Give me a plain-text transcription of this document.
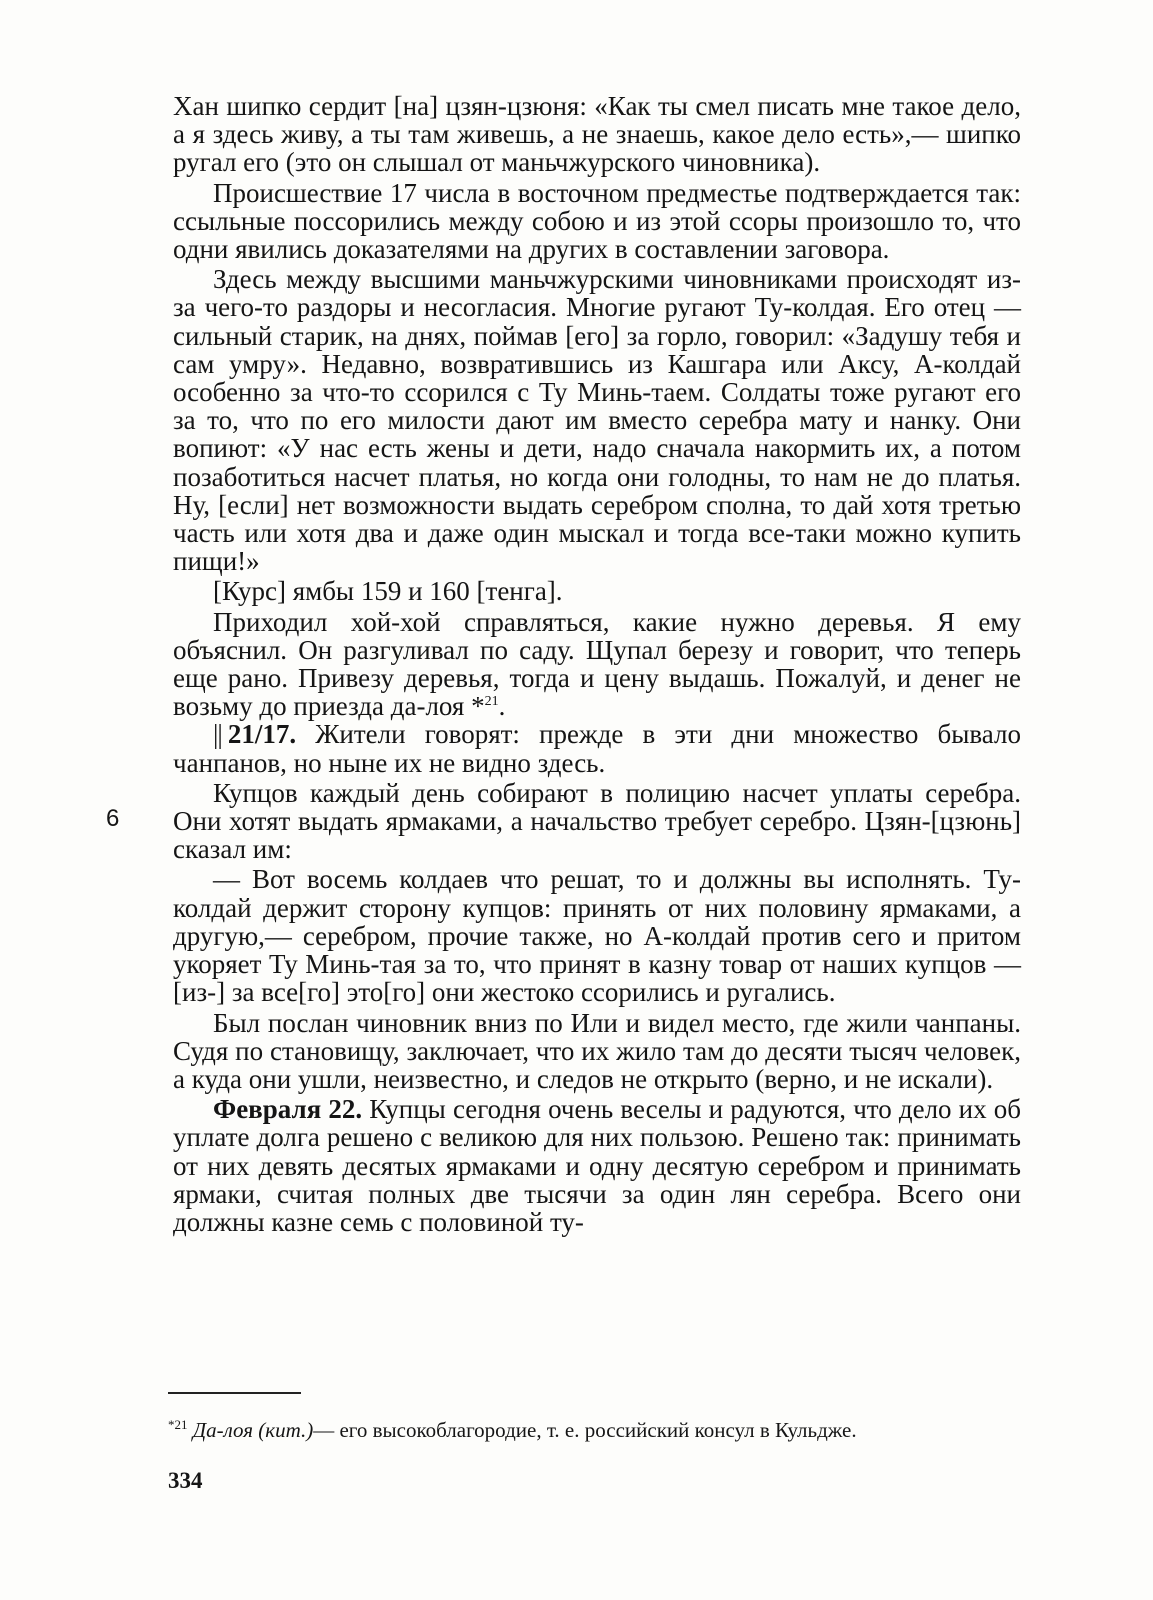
Хан шипко сердит [на] цзян-цзюня: «Как ты смел писать мне такое дело, а я здесь живу, а ты там живешь, а не знаешь, какое дело есть»,— шипко ругал его (это он слышал от маньчжурского чиновника).

Происшествие 17 числа в восточном предместье подтверждается так: ссыльные поссорились между собою и из этой ссоры произошло то, что одни явились доказателями на других в составлении заговора.

Здесь между высшими маньчжурскими чиновниками происходят из-за чего-то раздоры и несогласия. Многие ругают Ту-колдая. Его отец — сильный старик, на днях, поймав [его] за горло, говорил: «Задушу тебя и сам умру». Недавно, возвратившись из Кашгара или Аксу, А-колдай особенно за что-то ссорился с Ту Минь-таем. Солдаты тоже ругают его за то, что по его милости дают им вместо серебра мату и нанку. Они вопиют: «У нас есть жены и дети, надо сначала накормить их, а потом позаботиться насчет платья, но когда они голодны, то нам не до платья. Ну, [если] нет возможности выдать серебром сполна, то дай хотя третью часть или хотя два и даже один мыскал и тогда все-таки можно купить пищи!»

[Курс] ямбы 159 и 160 [тенга].

Приходил хой-хой справляться, какие нужно деревья. Я ему объяснил. Он разгуливал по саду. Щупал березу и говорит, что теперь еще рано. Привезу деревья, тогда и цену выдашь. Пожалуй, и денег не возьму до приезда да-лоя *$^{21}$.

|| 21/17. Жители говорят: прежде в эти дни множество бывало чанпанов, но ныне их не видно здесь.

Купцов каждый день собирают в полицию насчет уплаты серебра. Они хотят выдать ярмаками, а начальство требует серебро. Цзян-[цзюнь] сказал им:

— Вот восемь колдаев что решат, то и должны вы исполнять. Ту-колдай держит сторону купцов: принять от них половину ярмаками, а другую,— серебром, прочие также, но А-колдай против сего и притом укоряет Ту Минь-тая за то, что принят в казну товар от наших купцов —[из-] за все[го] это[го] они жестоко ссорились и ругались.

Был послан чиновник вниз по Или и видел место, где жили чанпаны. Судя по становищу, заключает, что их жило там до десяти тысяч человек, а куда они ушли, неизвестно, и следов не открыто (верно, и не искали).

Февраля 22. Купцы сегодня очень веселы и радуются, что дело их об уплате долга решено с великою для них пользою. Решено так: принимать от них девять десятых ярмаками и одну десятую серебром и принимать ярмаки, считая полных две тысячи за один лян серебра. Всего они должны казне семь с половиной ту-

6
$^{*21}$ Да-лоя (кит.)— его высокоблагородие, т. е. российский консул в Кульдже.
334
